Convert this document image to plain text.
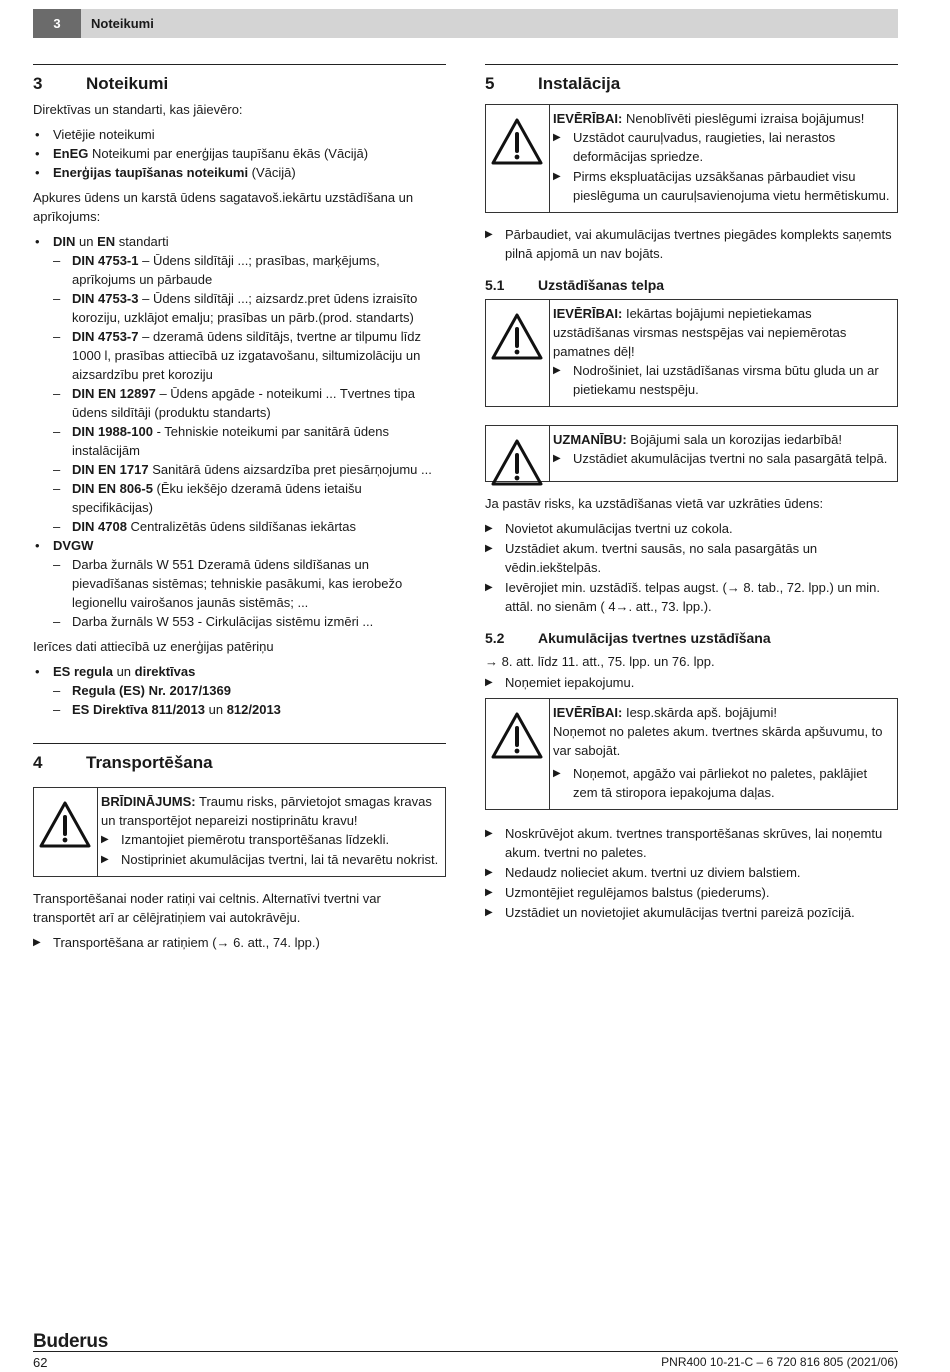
3	Noteikumi
3	Noteikumi

Direktīvas un standarti, kas jāievēro:

• Vietējie noteikumi
• EnEG Noteikumi par enerģijas taupīšanu ēkās (Vācijā)
• Enerģijas taupīšanas noteikumi (Vācijā)

Apkures ūdens un karstā ūdens sagatavoš.iekārtu uzstādīšana un aprīkojums:

• DIN un EN standarti
– DIN 4753-1 – Ūdens sildītāji ...; prasības, marķējums, aprīkojums un pārbaude
– DIN 4753-3 – Ūdens sildītāji ...; aizsardz.pret ūdens izraisīto koroziju, uzklājot emalju; prasības un pārb.(prod. standarts)
– DIN 4753-7 – dzeramā ūdens sildītājs, tvertne ar tilpumu līdz 1000 l, prasības attiecībā uz izgatavošanu, siltumizolāciju un aizsardzību pret koroziju
– DIN EN 12897 – Ūdens apgāde - noteikumi ... Tvertnes tipa ūdens sildītāji (produktu standarts)
– DIN 1988-100 - Tehniskie noteikumi par sanitārā ūdens instalācijām
– DIN EN 1717 Sanitārā ūdens aizsardzība pret piesārņojumu ...
– DIN EN 806-5 (Ēku iekšējo dzeramā ūdens ietaišu specifikācijas)
– DIN 4708 Centralizētās ūdens sildīšanas iekārtas
• DVGW
– Darba žurnāls W 551 Dzeramā ūdens sildīšanas un pievadīšanas sistēmas; tehniskie pasākumi, kas ierobežo legionellu vairošanos jaunās sistēmās; ...
– Darba žurnāls W 553 - Cirkulācijas sistēmu izmēri ...

Ierīces dati attiecībā uz enerģijas patēriņu

• ES regula un direktīvas
– Regula (ES) Nr. 2017/1369
– ES Direktīva 811/2013 un 812/2013
4	Transportēšana

BRĪDINĀJUMS: Traumu risks, pārvietojot smagas kravas un transportējot nepareizi nostiprinātu kravu!

▶ Izmantojiet piemērotu transportēšanas līdzekli.
▶ Nostipriniet akumulācijas tvertni, lai tā nevarētu nokrist.

Transportēšanai noder ratiņi vai celtnis. Alternatīvi tvertni var transportēt arī ar cēlējratiņiem vai autokrāvēju.

▶ Transportēšana ar ratiņiem (→ 6. att., 74. lpp.)
5	Instalācija

IEVĒRĪBAI: Nenoblīvēti pieslēgumi izraisa bojājumus!

▶ Uzstādot cauruļvadus, raugieties, lai nerastos deformācijas spriedze.
▶ Pirms ekspluatācijas uzsākšanas pārbaudiet visu pieslēguma un cauruļsavienojuma vietu hermētiskumu.
▶ Pārbaudiet, vai akumulācijas tvertnes piegādes komplekts saņemts pilnā apjomā un nav bojāts.
5.1	Uzstādīšanas telpa

IEVĒRĪBAI: Iekārtas bojājumi nepietiekamas uzstādīšanas virsmas nestspējas vai nepiemērotas pamatnes dēļ!

▶ Nodrošiniet, lai uzstādīšanas virsma būtu gluda un ar pietiekamu nestspēju.

UZMANĪBU: Bojājumi sala un korozijas iedarbībā!

▶ Uzstādiet akumulācijas tvertni no sala pasargātā telpā.

Ja pastāv risks, ka uzstādīšanas vietā var uzkrāties ūdens:

▶ Novietot akumulācijas tvertni uz cokola.
▶ Uzstādiet akum. tvertni sausās, no sala pasargātās un vēdin.iekštelpās.
▶ Ievērojiet min. uzstādīš. telpas augst. (→ 8. tab., 72. lpp.) un min. attāl. no sienām ( 4→. att., 73. lpp.).
5.2	Akumulācijas tvertnes uzstādīšana

→ 8. att. līdz 11. att., 75. lpp. un 76. lpp.

▶ Noņemiet iepakojumu.

IEVĒRĪBAI: Iesp.skārda apš. bojājumi!

Noņemot no paletes akum. tvertnes skārda apšuvumu, to var sabojāt.

▶ Noņemot, apgāžo vai pārliekot no paletes, paklājiet zem tā stiropora iepakojuma daļas.
▶ Noskrūvējot akum. tvertnes transportēšanas skrūves, lai noņemtu akum. tvertni no paletes.
▶ Nedaudz nolieciet akum. tvertni uz diviem balstiem.
▶ Uzmontējiet regulējamos balstus (piederums).
▶ Uzstādiet un novietojiet akumulācijas tvertni pareizā pozīcijā.
Buderus
62	PNR400 10-21-C – 6 720 816 805 (2021/06)
